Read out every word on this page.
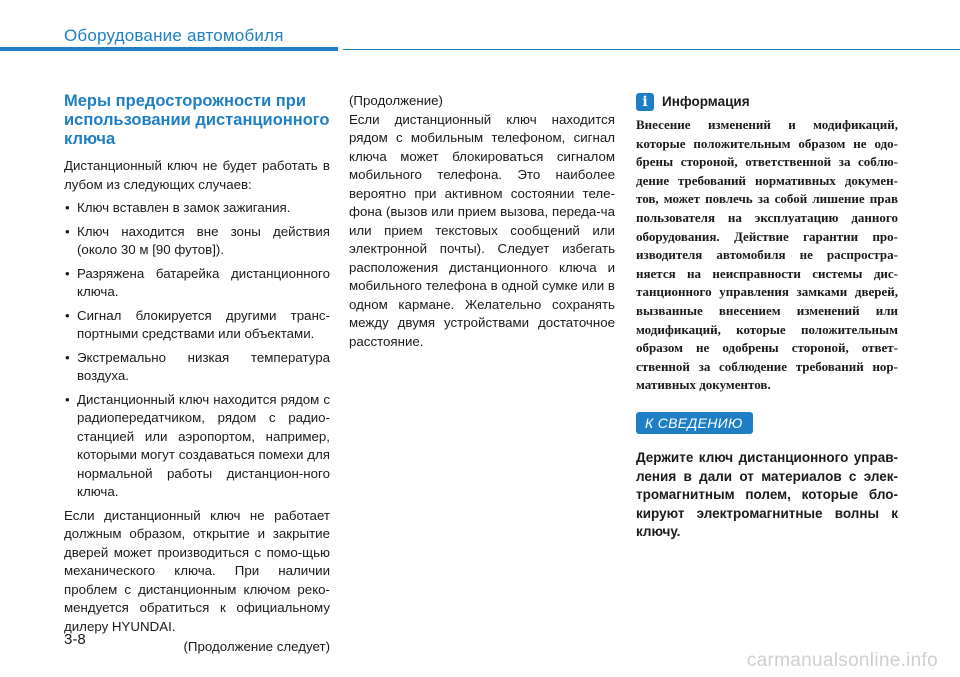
Оборудование автомобиля
Меры предосторожности при использовании дистанционного ключа

Дистанционный ключ не будет работать в лубом из следующих случаев:

• Ключ вставлен в замок зажигания.
• Ключ находится вне зоны действия (около 30 м [90 футов]).
• Разряжена батарейка дистанционного ключа.
• Сигнал блокируется другими транс-портными средствами или объектами.
• Экстремально низкая температура воздуха.
• Дистанционный ключ находится рядом с радиопередатчиком, рядом с радио-станцией или аэропортом, например, которыми могут создаваться помехи для нормальной работы дистанцион-ного ключа.

Если дистанционный ключ не работает должным образом, открытие и закрытие дверей может производиться с помо-щью механического ключа. При наличии проблем с дистанционным ключом реко-мендуется обратиться к официальному дилеру HYUNDAI.

(Продолжение следует)

(Продолжение)

Если дистанционный ключ находится рядом с мобильным телефоном, сигнал ключа может блокироваться сигналом мобильного телефона. Это наиболее вероятно при активном состоянии теле-фона (вызов или прием вызова, переда-ча или прием текстовых сообщений или электронной почты). Следует избегать расположения дистанционного ключа и мобильного телефона в одной сумке или в одном кармане. Желательно сохранять между двумя устройствами достаточное расстояние.

i	Информация

Внесение изменений и модификаций, которые положительным образом не одо-брены стороной, ответственной за соблю-дение требований нормативных докумен-тов, может повлечь за собой лишение прав пользователя на эксплуатацию данного оборудования. Действие гарантии про-изводителя автомобиля не распростра-няется на неисправности системы дис-танционного управления замками дверей, вызванные внесением изменений или модификаций, которые положительным образом не одобрены стороной, ответ-ственной за соблюдение требований нор-мативных документов.

К СВЕДЕНИЮ

Держите ключ дистанционного управ-ления в дали от материалов с элек-тромагнитным полем, которые бло-кируют электромагнитные волны к ключу.

3-8
carmanualsonline.info
